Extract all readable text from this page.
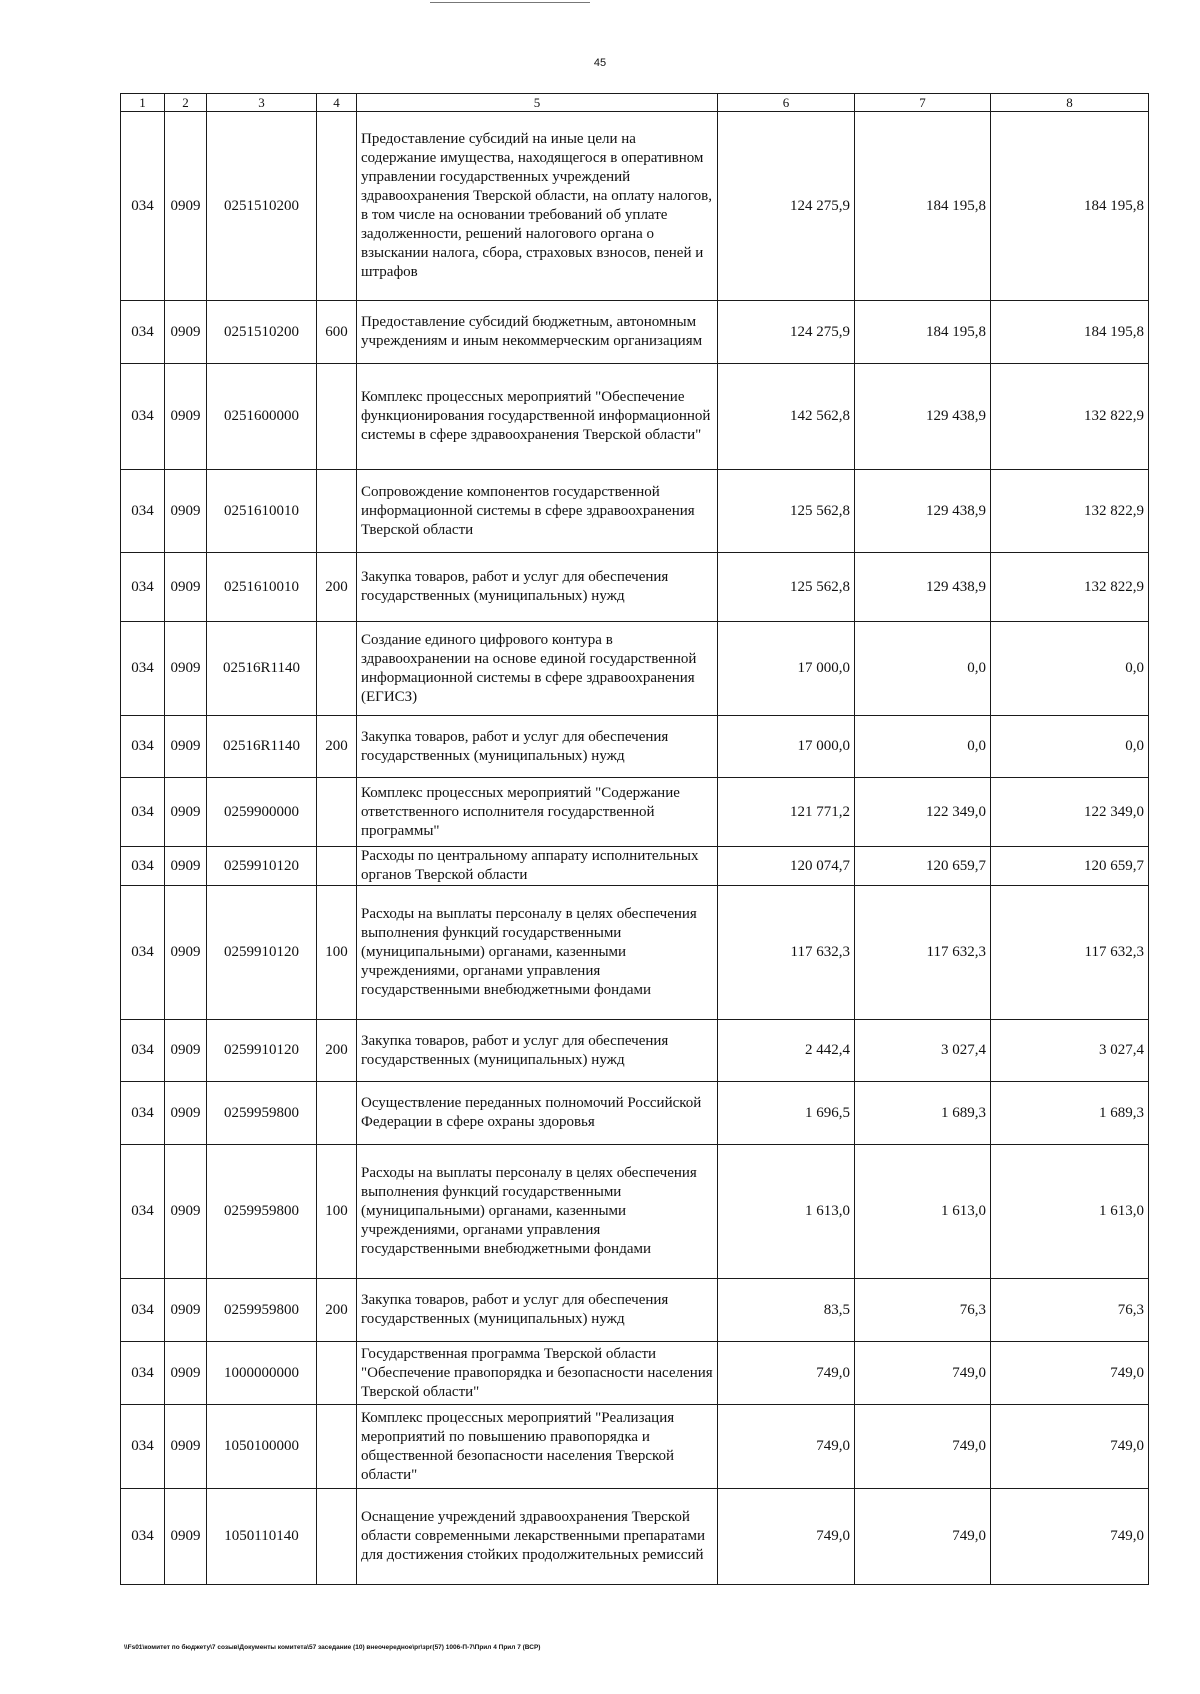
45
1	2	3	4	5	6	7	8
034	0909	0251510200		Предоставление субсидий на иные цели на содержание имущества, находящегося в оперативном управлении государственных учреждений здравоохранения Тверской области, на оплату налогов, в том числе на основании требований об уплате задолженности, решений налогового органа о взыскании налога, сбора, страховых взносов, пеней и штрафов	124 275,9	184 195,8	184 195,8
034	0909	0251510200	600	Предоставление субсидий бюджетным, автономным учреждениям и иным некоммерческим организациям	124 275,9	184 195,8	184 195,8
034	0909	0251600000		Комплекс процессных мероприятий "Обеспечение функционирования государственной информационной системы в сфере здравоохранения Тверской области"	142 562,8	129 438,9	132 822,9
034	0909	0251610010		Сопровождение компонентов государственной информационной системы в сфере здравоохранения Тверской области	125 562,8	129 438,9	132 822,9
034	0909	0251610010	200	Закупка товаров, работ и услуг для обеспечения государственных (муниципальных) нужд	125 562,8	129 438,9	132 822,9
034	0909	02516R1140		Создание единого цифрового контура в здравоохранении на основе единой государственной информационной системы в сфере здравоохранения (ЕГИСЗ)	17 000,0	0,0	0,0
034	0909	02516R1140	200	Закупка товаров, работ и услуг для обеспечения государственных (муниципальных) нужд	17 000,0	0,0	0,0
034	0909	0259900000		Комплекс процессных мероприятий "Содержание ответственного исполнителя государственной программы"	121 771,2	122 349,0	122 349,0
034	0909	0259910120		Расходы по центральному аппарату исполнительных органов Тверской области	120 074,7	120 659,7	120 659,7
034	0909	0259910120	100	Расходы на выплаты персоналу в целях обеспечения выполнения функций государственными (муниципальными) органами, казенными учреждениями, органами управления государственными внебюджетными фондами	117 632,3	117 632,3	117 632,3
034	0909	0259910120	200	Закупка товаров, работ и услуг для обеспечения государственных (муниципальных) нужд	2 442,4	3 027,4	3 027,4
034	0909	0259959800		Осуществление переданных полномочий Российской Федерации в сфере охраны здоровья	1 696,5	1 689,3	1 689,3
034	0909	0259959800	100	Расходы на выплаты персоналу в целях обеспечения выполнения функций государственными (муниципальными) органами, казенными учреждениями, органами управления государственными внебюджетными фондами	1 613,0	1 613,0	1 613,0
034	0909	0259959800	200	Закупка товаров, работ и услуг для обеспечения государственных (муниципальных) нужд	83,5	76,3	76,3
034	0909	1000000000		Государственная программа Тверской области "Обеспечение правопорядка и безопасности населения Тверской области"	749,0	749,0	749,0
034	0909	1050100000		Комплекс процессных мероприятий "Реализация мероприятий по повышению правопорядка и общественной безопасности населения Тверской области"	749,0	749,0	749,0
034	0909	1050110140		Оснащение учреждений здравоохранения Тверской области современными лекарственными препаратами для достижения стойких продолжительных ремиссий	749,0	749,0	749,0
\\Fs01\комитет по бюджету\7 созыв\Документы комитета\57 заседание (10) внеочередное\pr\зрг(57) 1006-П-7\Прил 4 Прил 7 (ВСР)
